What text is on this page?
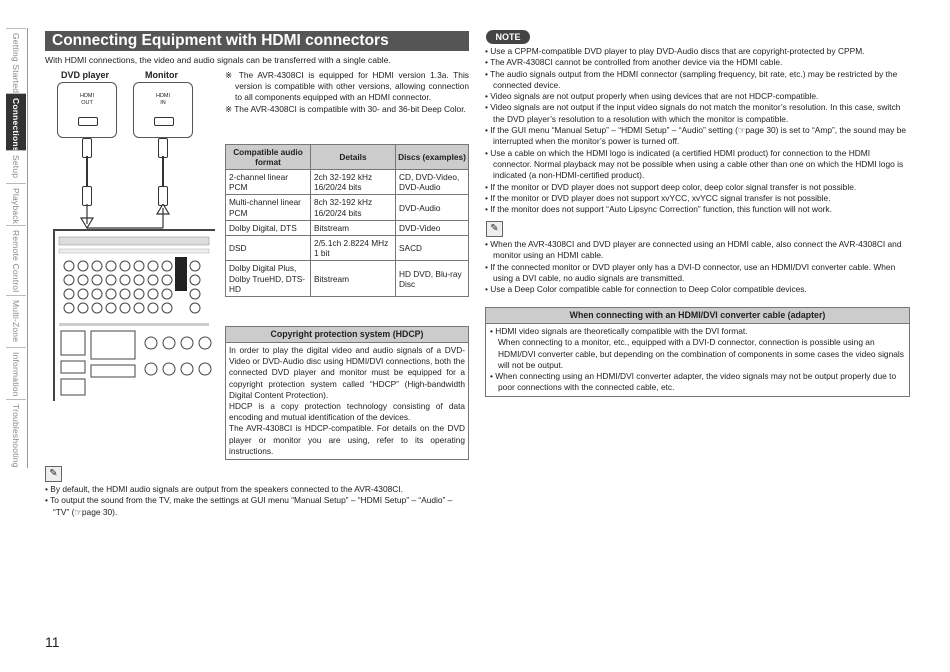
Getting Started
Connections
Setup
Playback
Remote Control
Multi-Zone
Information
Troubleshooting
Connecting Equipment with HDMI connectors
With HDMI connections, the video and audio signals can be transferred with a single cable.
DVD player	Monitor
HDMI
OUT
HDMI
IN
※ The AVR-4308CI is equipped for HDMI version 1.3a. This version is compatible with other versions, allowing connection to all components equipped with an HDMI connector.
※ The AVR-4308CI is compatible with 30- and 36-bit Deep Color.
Compatible audio format	Details	Discs (examples)
2-channel linear PCM	2ch 32-192 kHz 16/20/24 bits	CD, DVD-Video, DVD-Audio
Multi-channel linear PCM	8ch 32-192 kHz 16/20/24 bits	DVD-Audio
Dolby Digital, DTS	Bitstream	DVD-Video
DSD	2/5.1ch 2.8224 MHz 1 bit	SACD
Dolby Digital Plus, Dolby TrueHD, DTS-HD	Bitstream	HD DVD, Blu-ray Disc
Copyright protection system (HDCP)
In order to play the digital video and audio signals of a DVD-Video or DVD-Audio disc using HDMI/DVI connections, both the connected DVD player and monitor must be equipped for a copyright protection system called “HDCP” (High-bandwidth Digital Content Protection).
HDCP is a copy protection technology consisting of data encoding and mutual identification of the devices.
The AVR-4308CI is HDCP-compatible. For details on the DVD player or monitor you are using, refer to its operating instructions.
✎
• By default, the HDMI audio signals are output from the speakers connected to the AVR-4308CI.
• To output the sound from the TV, make the settings at GUI menu “Manual Setup” – “HDMI Setup” – “Audio” – “TV” (☞page 30).
NOTE
• Use a CPPM-compatible DVD player to play DVD-Audio discs that are copyright-protected by CPPM.
• The AVR-4308CI cannot be controlled from another device via the HDMI cable.
• The audio signals output from the HDMI connector (sampling frequency, bit rate, etc.) may be restricted by the connected device.
• Video signals are not output properly when using devices that are not HDCP-compatible.
• Video signals are not output if the input video signals do not match the monitor’s resolution. In this case, switch the DVD player’s resolution to a resolution with which the monitor is compatible.
• If the GUI menu “Manual Setup” – “HDMI Setup” – “Audio” setting (☞page 30) is set to “Amp”, the sound may be interrupted when the monitor’s power is turned off.
• Use a cable on which the HDMI logo is indicated (a certified HDMI product) for connection to the HDMI connector. Normal playback may not be possible when using a cable other than one on which the HDMI logo is indicated (a non-HDMI-certified product).
• If the monitor or DVD player does not support deep color, deep color signal transfer is not possible.
• If the monitor or DVD player does not support xvYCC, xvYCC signal transfer is not possible.
• If the monitor does not support “Auto Lipsync Correction” function, this function will not work.
✎
• When the AVR-4308CI and DVD player are connected using an HDMI cable, also connect the AVR-4308CI and monitor using an HDMI cable.
• If the connected monitor or DVD player only has a DVI-D connector, use an HDMI/DVI converter cable. When using a DVI cable, no audio signals are transmitted.
• Use a Deep Color compatible cable for connection to Deep Color compatible devices.
When connecting with an HDMI/DVI converter cable (adapter)
• HDMI video signals are theoretically compatible with the DVI format.
When connecting to a monitor, etc., equipped with a DVI-D connector, connection is possible using an HDMI/DVI converter cable, but depending on the combination of components in some cases the video signals will not be output.
• When connecting using an HDMI/DVI converter adapter, the video signals may not be output properly due to poor connections with the connected cable, etc.
11
